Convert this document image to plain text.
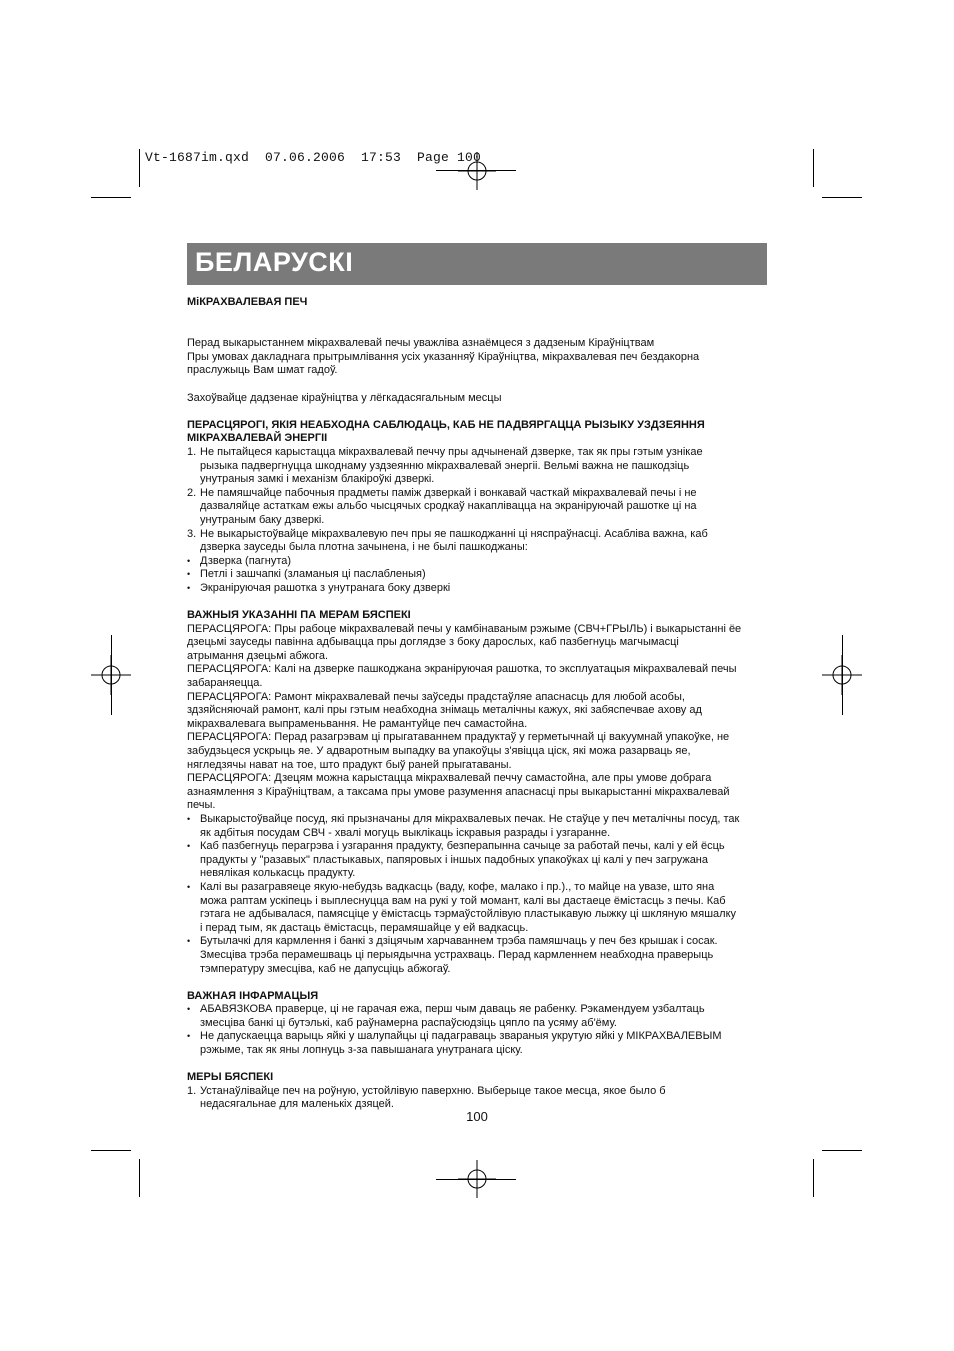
Vt-1687im.qxd  07.06.2006  17:53  Page 100
БЕЛАРУСКІ

МіКРАХВАЛЕВАЯ ПЕЧ

Перад выкарыстаннем мікрахвалевай печы уважліва азнаёмцеся з дадзеным Кіраўніцтвам

Пры умовах дакладнага прытрымлівання усіх указанняў Кіраўніцтва, мікрахвалевая печ бездакорна

праслужыць Вам шмат гадоў.

Захоўвайце дадзенае кіраўніцтва у лёгкадасягальным месцы

ПЕРАСЦЯРОГІ, ЯКІЯ НЕАБХОДНА САБЛЮДАЦЬ, КАБ НЕ ПАДВЯРГАЦЦА РЫЗЫКУ УЗДЗЕЯННЯ

МІКРАХВАЛЕВАЙ ЭНЕРГІІ

1. Не пытайцеся карыстацца мікрахвалевай печчу пры адчыненай дзверке, так як пры гэтым узнікае

рызыка падвергнуцца шкоднаму уздзеянню мікрахвалевай энергіі. Вельмі важна не пашкодзіць

унутраныя замкі і механізм блакіроўкі дзверкі.

2. Не памяшчайце пабочныя прадметы паміж дзверкай і вонкавай часткай мікрахвалевай печы і не

дазваляйце астаткам ежы альбо чысцячых сродкаў накаплівацца на экраніруючай рашотке ці на

унутраным баку дзверкі.

3. Не выкарыстоўвайце мікрахвалевую печ пры яе пашкоджанні ці няспраўнасці. Асабліва важна, каб

дзверка зауседы была плотна зачынена, і не былі пашкоджаны:

• Дзверка (пагнута)

• Петлі і зашчапкі (зламаныя ці паслабленыя)

• Экраніруючая рашотка з унутранага боку дзверкі

ВАЖНЫЯ УКАЗАННІ ПА МЕРАМ БЯСПЕКІ

ПЕРАСЦЯРОГА: Пры рабоце мікрахвалевай печы у камбінаваным рэжыме (СВЧ+ГРЫЛЬ) і выкарыстанні ёе

дзецьмі зауседы павінна адбывацца пры доглядзе з боку дарослых, каб пазбегнуць магчымасці

атрымання дзецьмі абжога.

ПЕРАСЦЯРОГА: Калі на дзверке пашкоджана экраніруючая рашотка, то эксплуатацыя мікрахвалевай печы

забараняецца.

ПЕРАСЦЯРОГА: Рамонт мікрахвалевай печы заўседы прадстаўляе апаснасць для любой асобы,

здзяйсняючай рамонт, калі пры гэтым неабходна знімаць металічны кажух, які забяспечвае ахову ад

мікрахвалевага выпраменьвання. Не рамантуйце печ самастойна.

ПЕРАСЦЯРОГА: Перад разагрэвам ці прыгатаваннем прадуктаў у герметычнай ці вакуумнай упакоўке, не

забудзьцеся ускрыць яе. У адваротным выпадку ва упакоўцы з'явіцца ціск, які можа разарваць яе,

нягледзячы нават на тое, што прадукт быў раней прыгатаваны.

ПЕРАСЦЯРОГА: Дзецям можна карыстацца мікрахвалевай печчу самастойна, але пры умове добрага

азнаямлення з Кіраўніцтвам, а таксама пры умове разумення апаснасці пры выкарыстанні мікрахвалевай

печы.

• Выкарыстоўвайце посуд, які прызначаны для мікрахвалевых печак. Не стаўце у печ металічны посуд, так

як адбітыя посудам СВЧ - хвалі могуць выклікаць іскравыя разрады і узгаранне.

• Каб пазбегнуць перагрэва і узгарання прадукту, безперапынна сачыце за работай печы, калі у ей ёсць

прадукты у "разавых" пластыкавых, папяровых і іншых падобных упакоўках ці калі у печ загружана

невялікая колькасць прадукту.

• Калі вы разагравяеце якую-небудзь вадкасць (ваду, кофе, малако і пр.)., то майце на увазе, што яна

можа раптам ускіпець і выплеснуцца вам на рукі у той момант, калі вы дастаеце ёмістасць з печы. Каб

гэтага не адбывалася, памясціце у ёмістасць тэрмаўстойлівую пластыкавую лыжку ці шкляную мяшалку

і перад тым, як дастаць ёмістасць, перамяшайце у ей вадкасць.

• Бутылачкі для кармлення і банкі з дзіцячым харчаваннем трэба памяшчаць у печ без крышак і сосак.

Змесціва трэба перамешваць ці перыядычна устрахваць. Перад кармленнем неабходна праверыць

тэмпературу змесціва, каб не дапусціць абжогаў.

ВАЖНАЯ ІНФАРМАЦЫЯ

• АБАВЯЗКОВА праверце, ці не гарачая ежа, перш чым даваць яе рабенку. Рэкамендуем узбалтаць

змесціва банкі ці бутэлькі, каб раўнамерна распаўсюдзіць цяпло па усяму аб'ёму.

• Не дапускаецца варыць яйкі у шалупайцы ці падаграваць звараныя укрутую яйкі у МІКРАХВАЛЕВЫМ

рэжыме, так як яны лопнуць з-за павышанага унутранага ціску.

МЕРЫ БЯСПЕКІ

1. Устанаўлівайце печ на роўную, устойлівую паверхню. Выберыце такое месца, якое было б

недасягальнае для маленькіх дзяцей.

100
